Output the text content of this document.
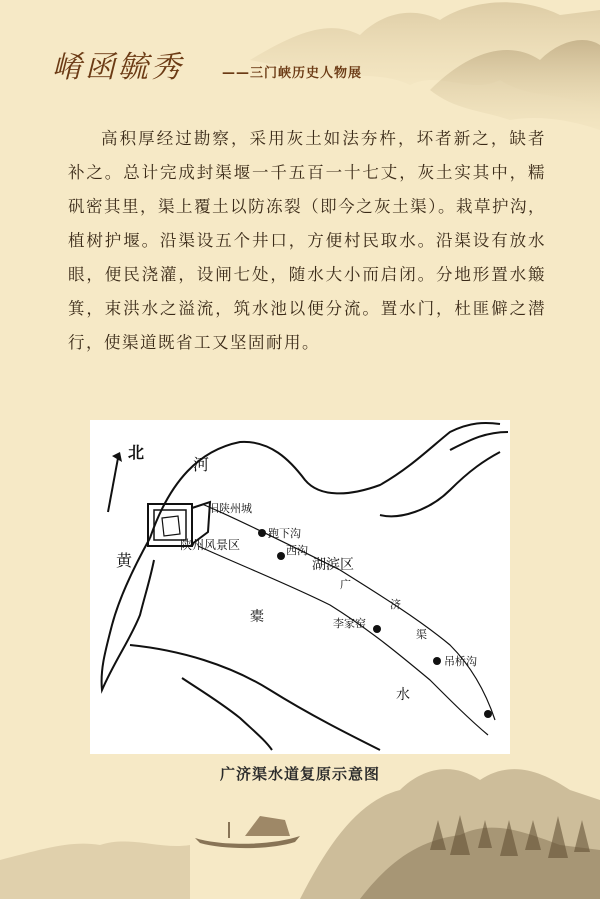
崤函毓秀	——三门峡历史人物展
高积厚经过勘察，采用灰土如法夯杵，坏者新之，缺者补之。总计完成封渠堰一千五百一十七丈，灰土实其中，糯矾密其里，渠上覆土以防冻裂（即今之灰土渠）。栽草护沟，植树护堰。沿渠设五个井口，方便村民取水。沿渠设有放水眼，便民浇灌，设闸七处，随水大小而启闭。分地形置水簸箕，束洪水之溢流，筑水池以便分流。置水门，杜匪僻之潜行，使渠道既省工又坚固耐用。
北
河
黄
旧陕州城
陕州风景区
跑下沟
西沟
湖滨区
广
济
渠
李家窑
吊桥沟
橐
水
广济渠水道复原示意图
